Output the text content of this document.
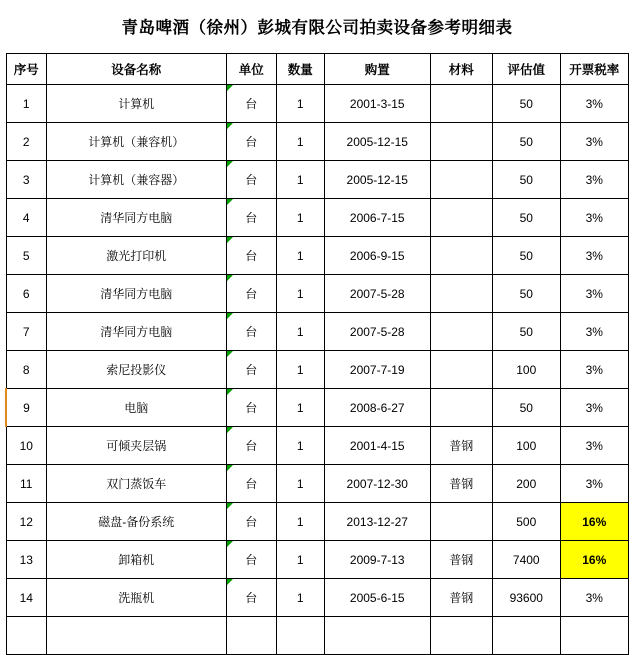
青岛啤酒（徐州）彭城有限公司拍卖设备参考明细表
序号	设备名称	单位	数量	购置	材料	评估值	开票税率
1	计算机	台	1	2001-3-15		50	3%
2	计算机（兼容机）	台	1	2005-12-15		50	3%
3	计算机（兼容器）	台	1	2005-12-15		50	3%
4	清华同方电脑	台	1	2006-7-15		50	3%
5	激光打印机	台	1	2006-9-15		50	3%
6	清华同方电脑	台	1	2007-5-28		50	3%
7	清华同方电脑	台	1	2007-5-28		50	3%
8	索尼投影仪	台	1	2007-7-19		100	3%
9	电脑	台	1	2008-6-27		50	3%
10	可倾夹层锅	台	1	2001-4-15	普钢	100	3%
11	双门蒸饭车	台	1	2007-12-30	普钢	200	3%
12	磁盘-备份系统	台	1	2013-12-27		500	16%
13	卸箱机	台	1	2009-7-13	普钢	7400	16%
14	洗瓶机	台	1	2005-6-15	普钢	93600	3%
